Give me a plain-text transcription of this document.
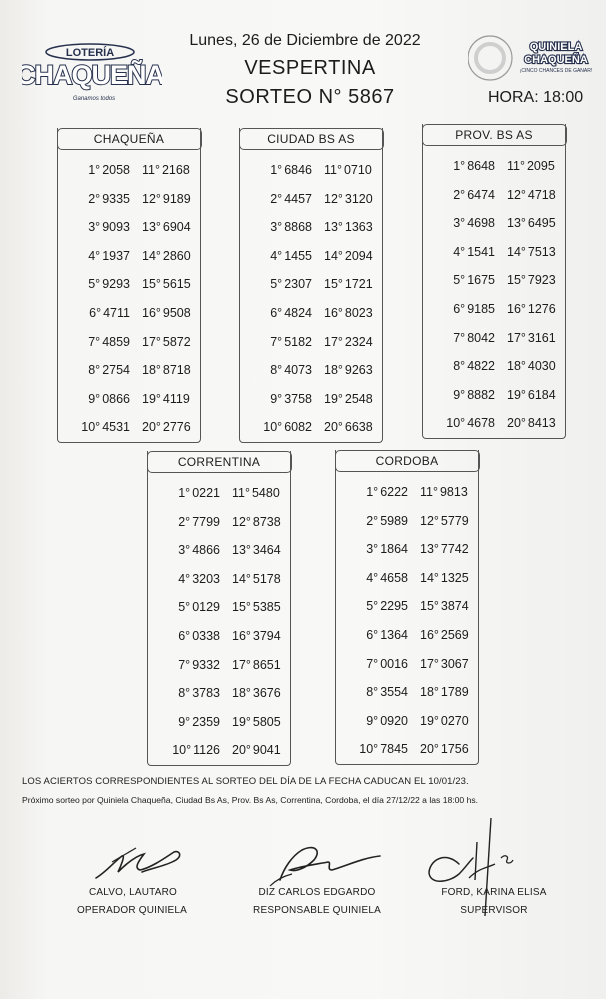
LOTERÍA
CHAQUEÑA
Ganamos todos
Lunes, 26 de Diciembre de 2022
VESPERTINA
SORTEO N° 5867
QUINIELA
CHAQUEÑA
¡CINCO CHANCES DE GANAR!
HORA: 18:00
CHAQUEÑA
1° 2058 11° 2168
2° 9335 12° 9189
3° 9093 13° 6904
4° 1937 14° 2860
5° 9293 15° 5615
6° 4711 16° 9508
7° 4859 17° 5872
8° 2754 18° 8718
9° 0866 19° 4119
10° 4531 20° 2776
CIUDAD BS AS
1° 6846 11° 0710
2° 4457 12° 3120
3° 8868 13° 1363
4° 1455 14° 2094
5° 2307 15° 1721
6° 4824 16° 8023
7° 5182 17° 2324
8° 4073 18° 9263
9° 3758 19° 2548
10° 6082 20° 6638
PROV. BS AS
1° 8648 11° 2095
2° 6474 12° 4718
3° 4698 13° 6495
4° 1541 14° 7513
5° 1675 15° 7923
6° 9185 16° 1276
7° 8042 17° 3161
8° 4822 18° 4030
9° 8882 19° 6184
10° 4678 20° 8413
CORRENTINA
1° 0221 11° 5480
2° 7799 12° 8738
3° 4866 13° 3464
4° 3203 14° 5178
5° 0129 15° 5385
6° 0338 16° 3794
7° 9332 17° 8651
8° 3783 18° 3676
9° 2359 19° 5805
10° 1126 20° 9041
CORDOBA
1° 6222 11° 9813
2° 5989 12° 5779
3° 1864 13° 7742
4° 4658 14° 1325
5° 2295 15° 3874
6° 1364 16° 2569
7° 0016 17° 3067
8° 3554 18° 1789
9° 0920 19° 0270
10° 7845 20° 1756
LOS ACIERTOS CORRESPONDIENTES AL SORTEO DEL DÍA DE LA FECHA CADUCAN EL 10/01/23.
Próximo sorteo por Quiniela Chaqueña, Ciudad Bs As, Prov. Bs As, Correntina, Cordoba, el día 27/12/22 a las 18:00 hs.
CALVO, LAUTARO
OPERADOR QUINIELA
DIZ CARLOS EDGARDO
RESPONSABLE QUINIELA
FORD, KARINA ELISA
SUPERVISOR
